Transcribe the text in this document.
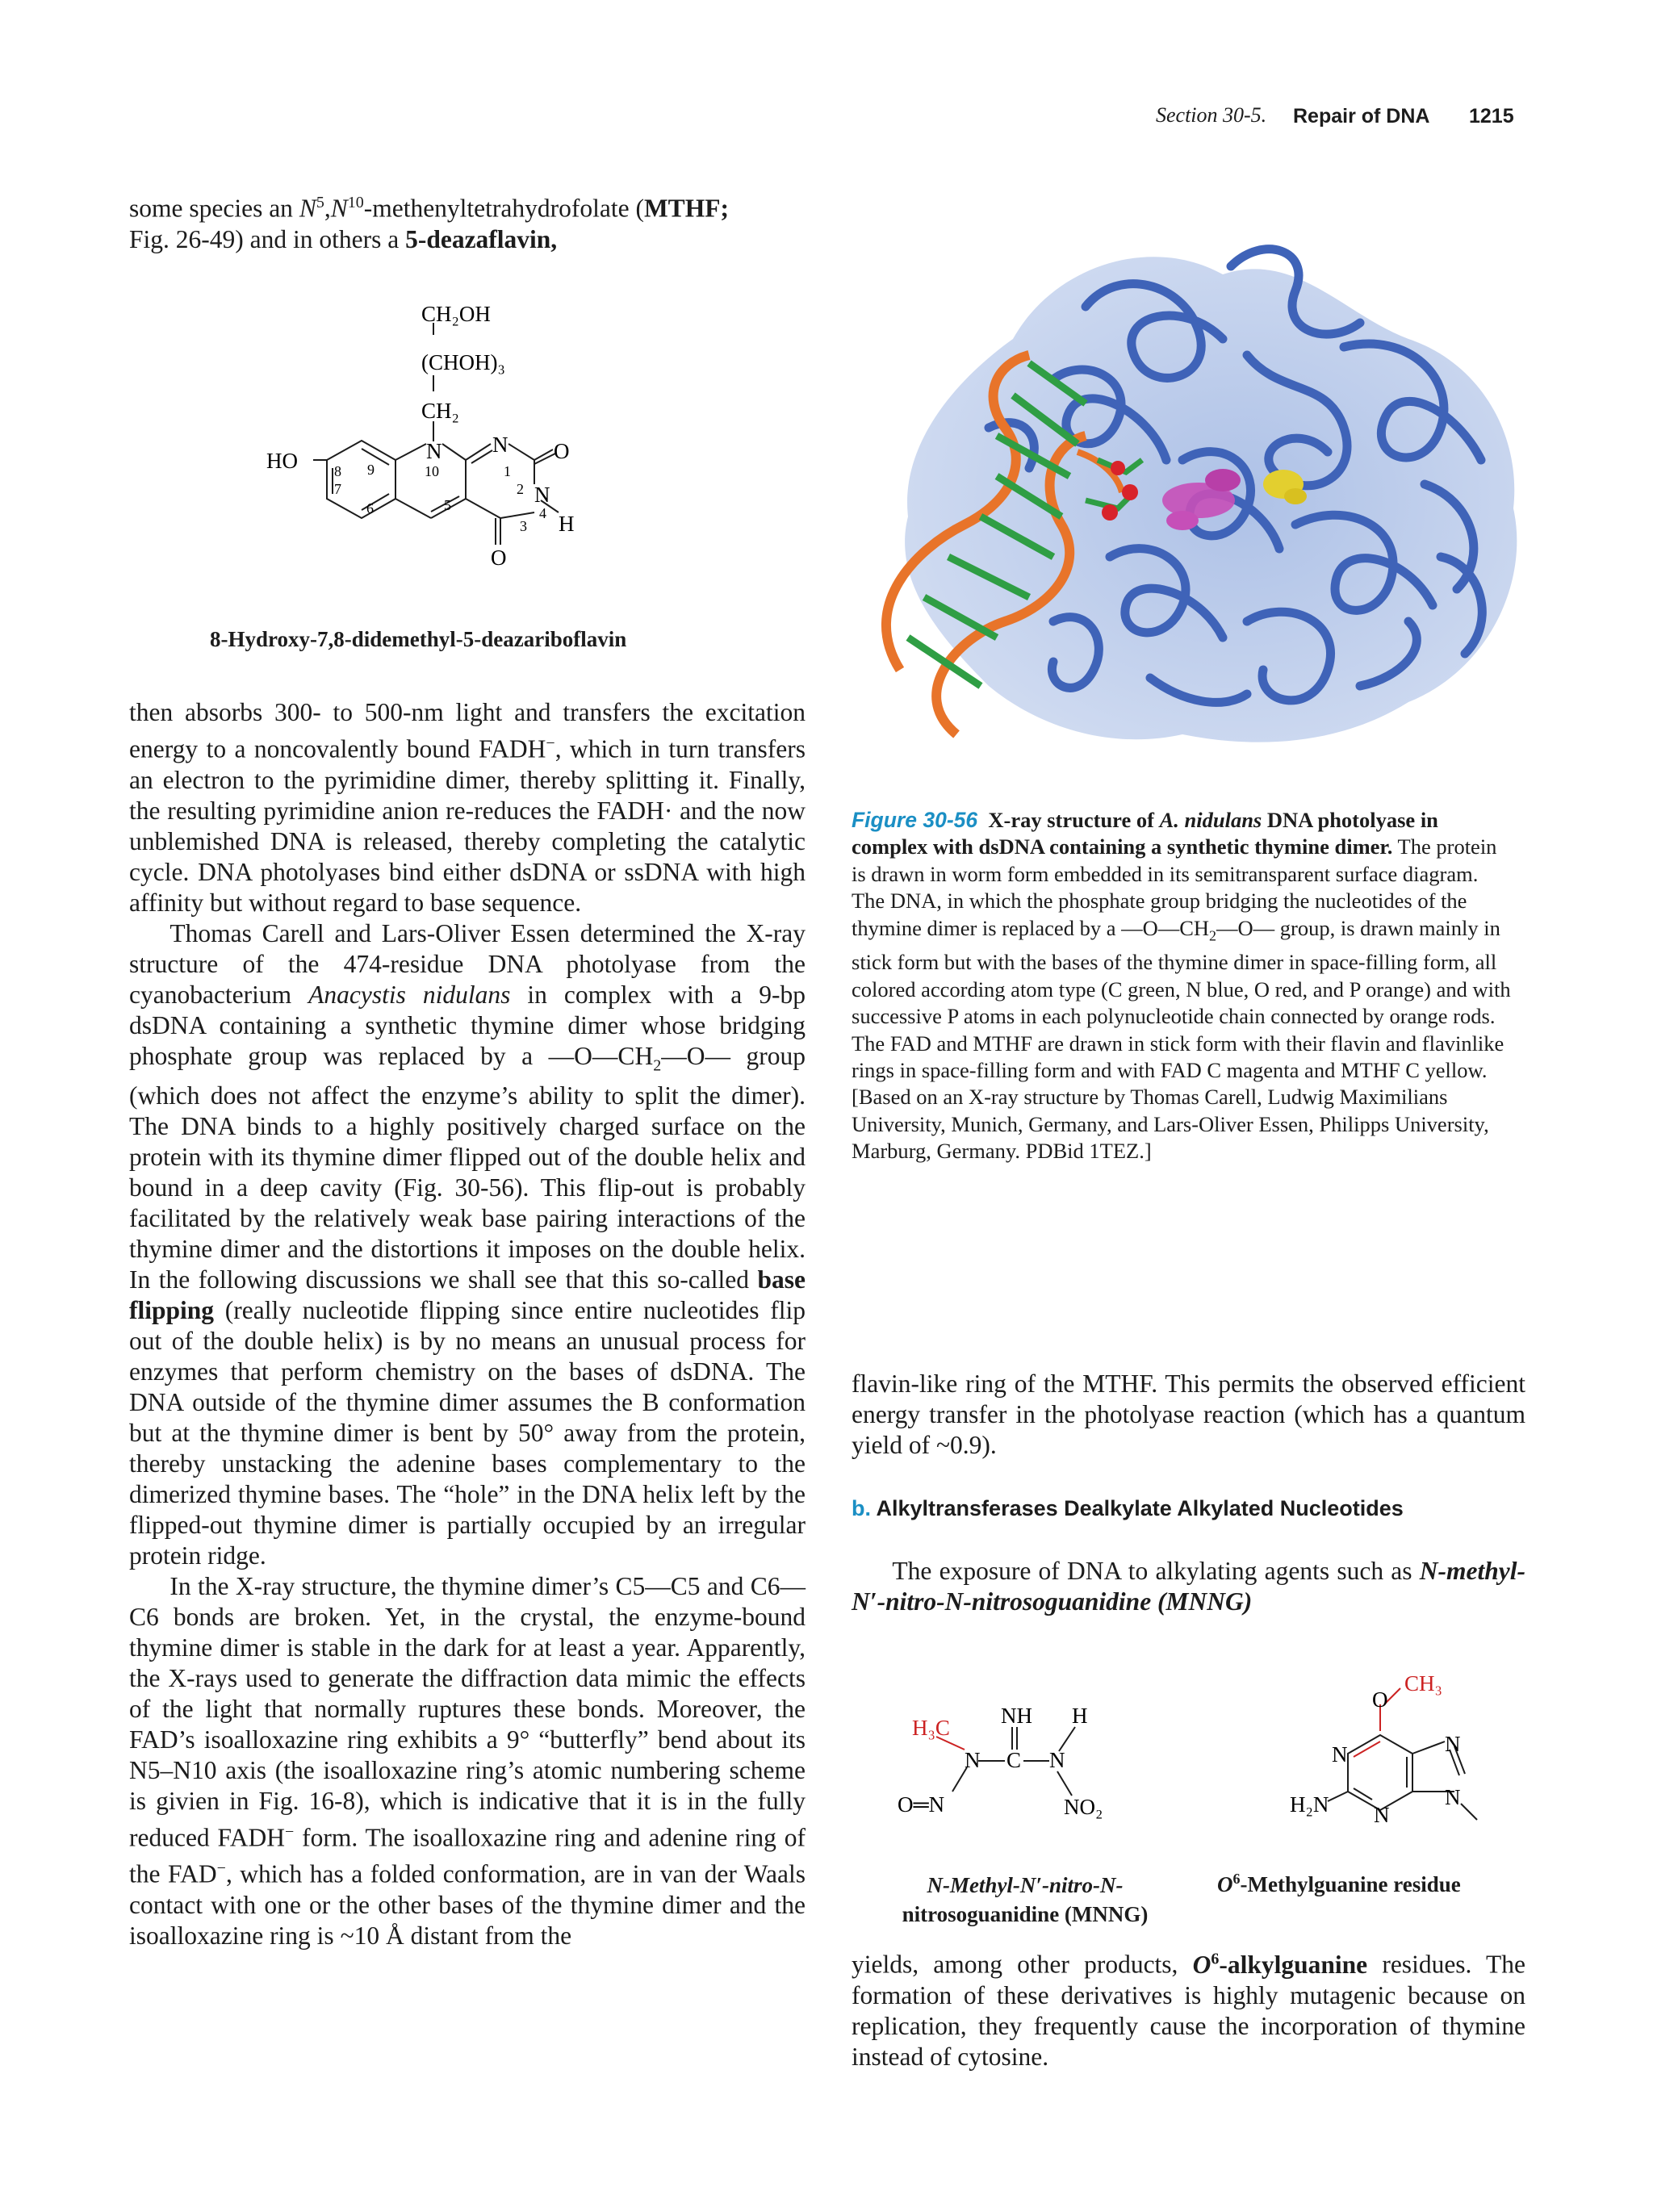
Section 30-5. Repair of DNA 1215
some species an $N^5,N^{10}$-methenyltetrahydrofolate (MTHF;
Fig. 26-49) and in others a 5-deazaflavin,
CH₂OH
(CHOH)₃
CH₂
HO	N N
N
O
O
H
9
8
7
6
10
5
1
2
3
4
8-Hydroxy-7,8-didemethyl-5-deazariboflavin

then absorbs 300- to 500-nm light and transfers the excitation energy to a noncovalently bound FADH−, which in turn transfers an electron to the pyrimidine dimer, thereby splitting it. Finally, the resulting pyrimidine anion re-reduces the FADH· and the now unblemished DNA is released, thereby completing the catalytic cycle. DNA photolyases bind either dsDNA or ssDNA with high affinity but without regard to base sequence.

Thomas Carell and Lars-Oliver Essen determined the X-ray structure of the 474-residue DNA photolyase from the cyanobacterium Anacystis nidulans in complex with a 9-bp dsDNA containing a synthetic thymine dimer whose bridging phosphate group was replaced by a $—O—CH_2—O—$ group (which does not affect the enzyme’s ability to split the dimer). The DNA binds to a highly positively charged surface on the protein with its thymine dimer flipped out of the double helix and bound in a deep cavity (Fig. 30-56). This flip-out is probably facilitated by the relatively weak base pairing interactions of the thymine dimer and the distortions it imposes on the double helix. In the following discussions we shall see that this so-called base flipping (really nucleotide flipping since entire nucleotides flip out of the double helix) is by no means an unusual process for enzymes that perform chemistry on the bases of dsDNA. The DNA outside of the thymine dimer assumes the B conformation but at the thymine dimer is bent by 50° away from the protein, thereby unstacking the adenine bases complementary to the dimerized thymine bases. The “hole” in the DNA helix left by the flipped-out thymine dimer is partially occupied by an irregular protein ridge.

In the X-ray structure, the thymine dimer’s C5—C5 and C6—C6 bonds are broken. Yet, in the crystal, the enzyme-bound thymine dimer is stable in the dark for at least a year. Apparently, the X-rays used to generate the diffraction data mimic the effects of the light that normally ruptures these bonds. Moreover, the FAD’s isoalloxazine ring exhibits a 9° “butterfly” bend about its N5–N10 axis (the isoalloxazine ring’s atomic numbering scheme is givien in Fig. 16-8), which is indicative that it is in the fully reduced FADH− form. The isoalloxazine ring and adenine ring of the FAD−, which has a folded conformation, are in van der Waals contact with one or the other bases of the thymine dimer and the isoalloxazine ring is ~10 Å distant from the

Figure 30-56 X-ray structure of A. nidulans DNA photolyase in complex with dsDNA containing a synthetic thymine dimer. The protein is drawn in worm form embedded in its semitransparent surface diagram. The DNA, in which the phosphate group bridging the nucleotides of the thymine dimer is replaced by a $—O—CH_2—O—$ group, is drawn mainly in stick form but with the bases of the thymine dimer in space-filling form, all colored according atom type (C green, N blue, O red, and P orange) and with successive P atoms in each polynucleotide chain connected by orange rods. The FAD and MTHF are drawn in stick form with their flavin and flavinlike rings in space-filling form and with FAD C magenta and MTHF C yellow. [Based on an X-ray structure by Thomas Carell, Ludwig Maximilians University, Munich, Germany, and Lars-Oliver Essen, Philipps University, Marburg, Germany. PDBid 1TEZ.]

flavin-like ring of the MTHF. This permits the observed efficient energy transfer in the photolyase reaction (which has a quantum yield of ~0.9).

b. Alkyltransferases Dealkylate Alkylated Nucleotides

The exposure of DNA to alkylating agents such as N-methyl-N′-nitro-N-nitrosoguanidine (MNNG)

H₃C NH H
N C N
O═N	NO₂
N-Methyl-N′-nitro-N-
nitrosoguanidine (MNNG)
CH₃
O
N	N
H₂N N
N
$O^6$-Methylguanine residue

yields, among other products, $O^6$-alkylguanine residues. The formation of these derivatives is highly mutagenic because on replication, they frequently cause the incorporation of thymine instead of cytosine.
